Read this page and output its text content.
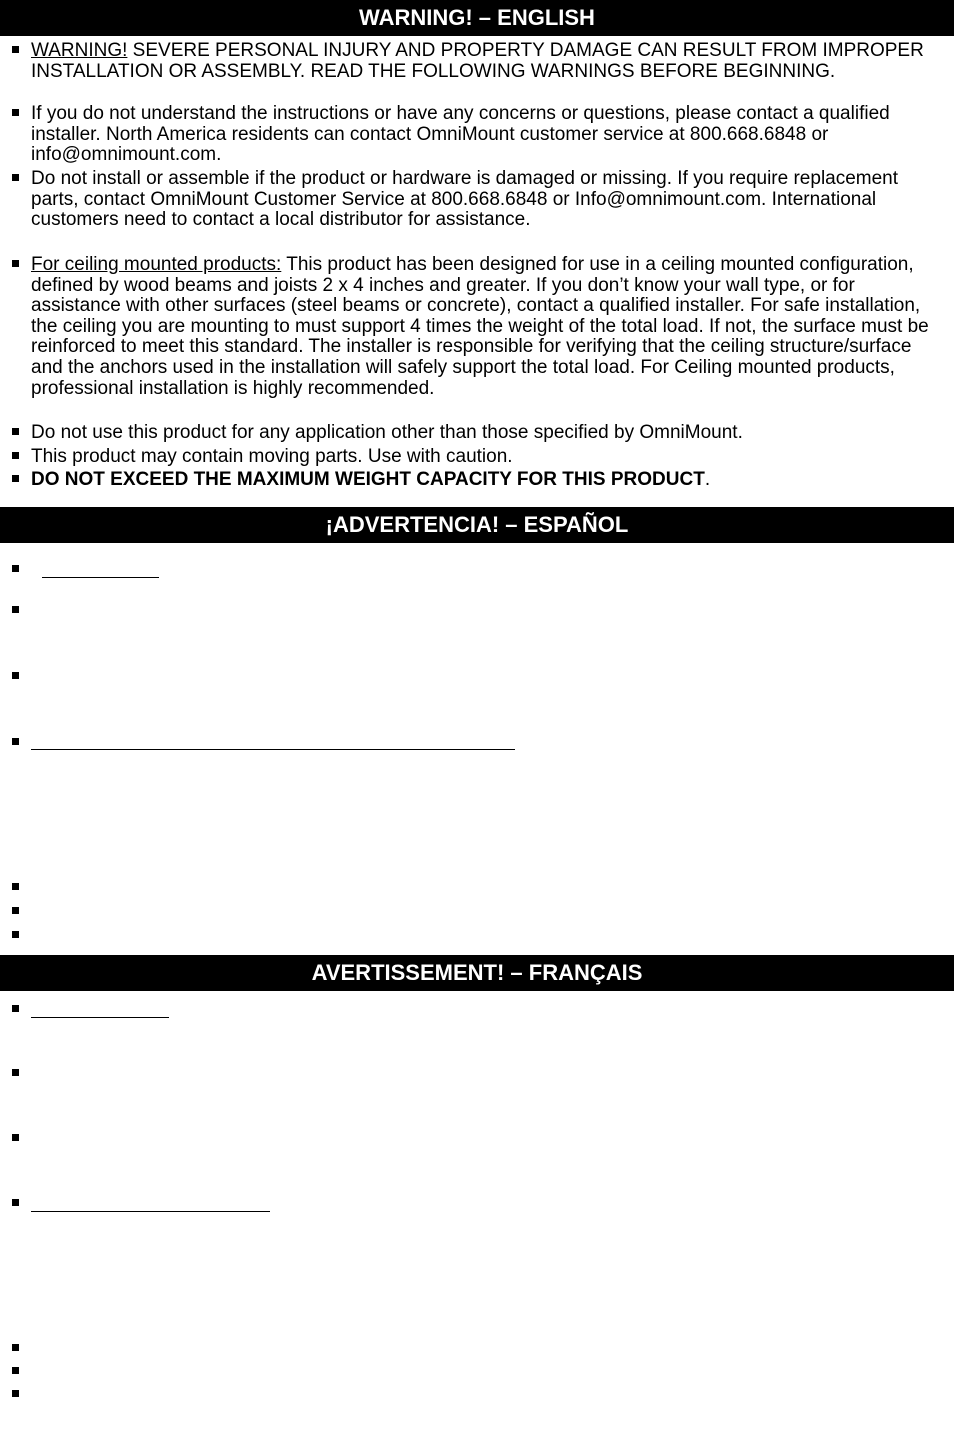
WARNING! – ENGLISH
WARNING! SEVERE PERSONAL INJURY AND PROPERTY DAMAGE CAN RESULT FROM IMPROPER INSTALLATION OR ASSEMBLY. READ THE FOLLOWING WARNINGS BEFORE BEGINNING.
If you do not understand the instructions or have any concerns or questions, please contact a qualified installer. North America residents can contact OmniMount customer service at 800.668.6848 or info@omnimount.com.
Do not install or assemble if the product or hardware is damaged or missing. If you require replacement parts, contact OmniMount Customer Service at 800.668.6848 or Info@omnimount.com. International customers need to contact a local distributor for assistance.
For ceiling mounted products: This product has been designed for use in a ceiling mounted configuration, defined by wood beams and joists 2 x 4 inches and greater. If you don’t know your wall type, or for assistance with other surfaces (steel beams or concrete), contact a qualified installer. For safe installation, the ceiling you are mounting to must support 4 times the weight of the total load. If not, the surface must be reinforced to meet this standard. The installer is responsible for verifying that the ceiling structure/surface and the anchors used in the installation will safely support the total load. For Ceiling mounted products, professional installation is highly recommended.
Do not use this product for any application other than those specified by OmniMount.
This product may contain moving parts. Use with caution.
DO NOT EXCEED THE MAXIMUM WEIGHT CAPACITY FOR THIS PRODUCT.
¡ADVERTENCIA! – ESPAÑOL
AVERTISSEMENT! – FRANÇAIS
